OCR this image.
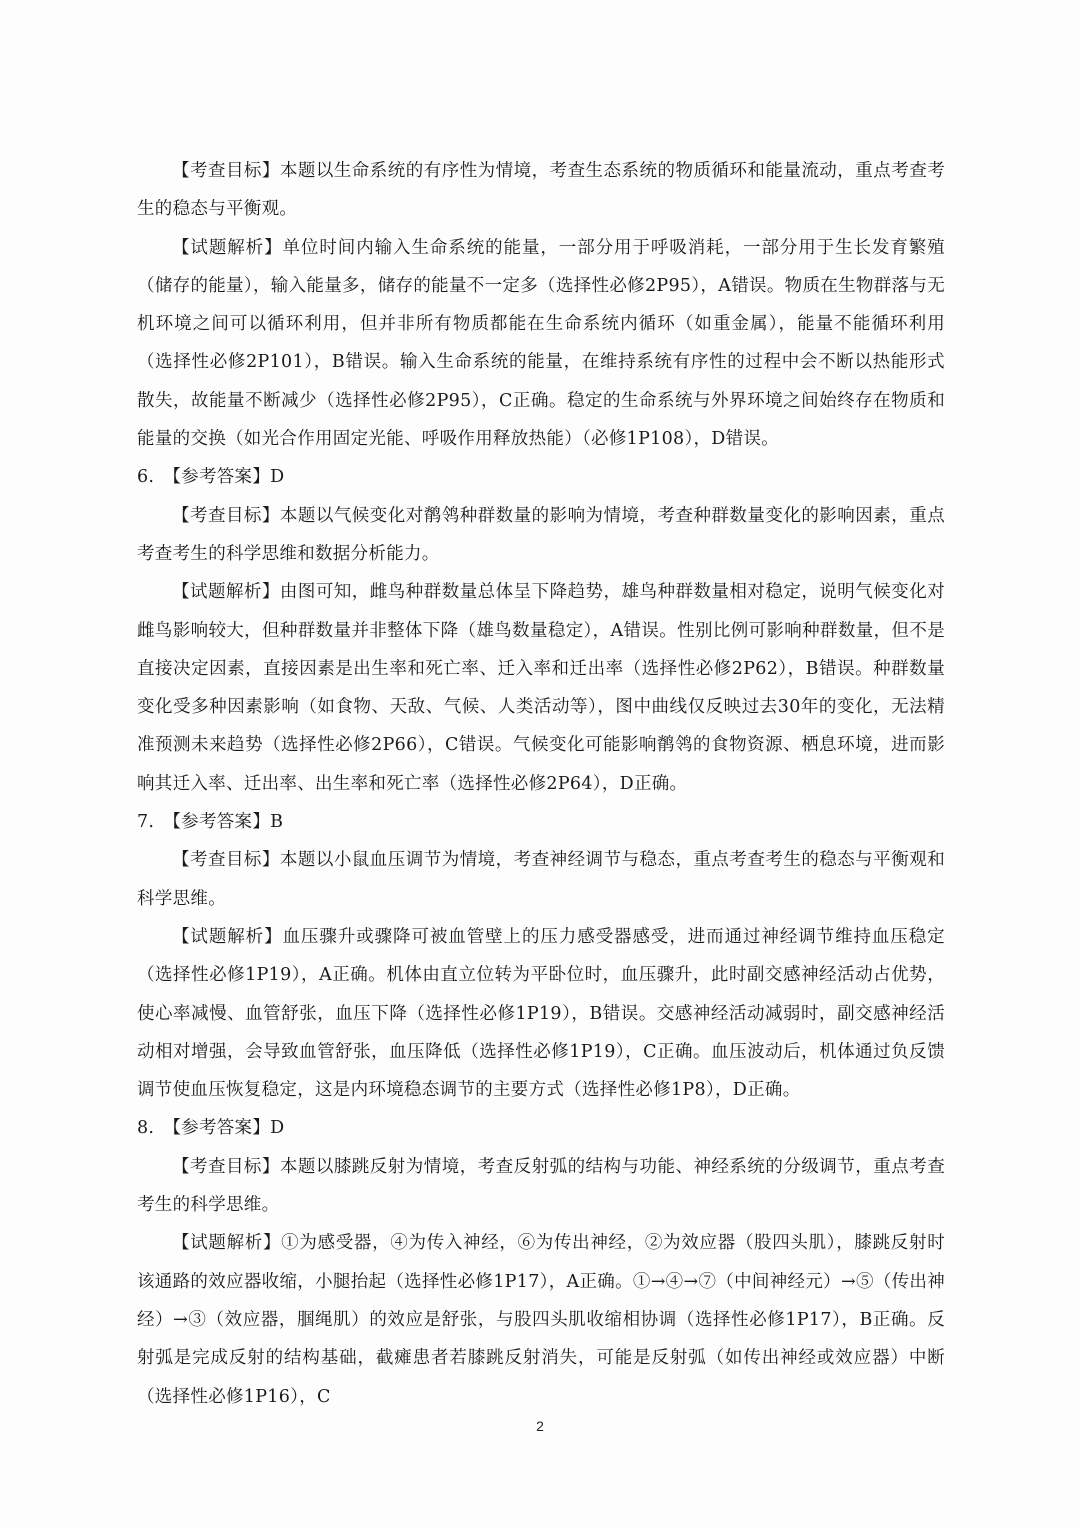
【考查目标】本题以生命系统的有序性为情境，考查生态系统的物质循环和能量流动，重点考查考生的稳态与平衡观。

【试题解析】单位时间内输入生命系统的能量，一部分用于呼吸消耗，一部分用于生长发育繁殖（储存的能量），输入能量多，储存的能量不一定多（选择性必修2P95），A错误。物质在生物群落与无机环境之间可以循环利用，但并非所有物质都能在生命系统内循环（如重金属），能量不能循环利用（选择性必修2P101），B错误。输入生命系统的能量，在维持系统有序性的过程中会不断以热能形式散失，故能量不断减少（选择性必修2P95），C正确。稳定的生命系统与外界环境之间始终存在物质和能量的交换（如光合作用固定光能、呼吸作用释放热能）（必修1P108），D错误。

6.　【参考答案】D

【考查目标】本题以气候变化对鹡鸰种群数量的影响为情境，考查种群数量变化的影响因素，重点考查考生的科学思维和数据分析能力。

【试题解析】由图可知，雌鸟种群数量总体呈下降趋势，雄鸟种群数量相对稳定，说明气候变化对雌鸟影响较大，但种群数量并非整体下降（雄鸟数量稳定），A错误。性别比例可影响种群数量，但不是直接决定因素，直接因素是出生率和死亡率、迁入率和迁出率（选择性必修2P62），B错误。种群数量变化受多种因素影响（如食物、天敌、气候、人类活动等），图中曲线仅反映过去30年的变化，无法精准预测未来趋势（选择性必修2P66），C错误。气候变化可能影响鹡鸰的食物资源、栖息环境，进而影响其迁入率、迁出率、出生率和死亡率（选择性必修2P64），D正确。

7.　【参考答案】B

【考查目标】本题以小鼠血压调节为情境，考查神经调节与稳态，重点考查考生的稳态与平衡观和科学思维。

【试题解析】血压骤升或骤降可被血管壁上的压力感受器感受，进而通过神经调节维持血压稳定（选择性必修1P19），A正确。机体由直立位转为平卧位时，血压骤升，此时副交感神经活动占优势，使心率减慢、血管舒张，血压下降（选择性必修1P19），B错误。交感神经活动减弱时，副交感神经活动相对增强，会导致血管舒张，血压降低（选择性必修1P19），C正确。血压波动后，机体通过负反馈调节使血压恢复稳定，这是内环境稳态调节的主要方式（选择性必修1P8），D正确。

8.　【参考答案】D

【考查目标】本题以膝跳反射为情境，考查反射弧的结构与功能、神经系统的分级调节，重点考查考生的科学思维。

【试题解析】①为感受器，④为传入神经，⑥为传出神经，②为效应器（股四头肌），膝跳反射时该通路的效应器收缩，小腿抬起（选择性必修1P17），A正确。①→④→⑦（中间神经元）→⑤（传出神经）→③（效应器，腘绳肌）的效应是舒张，与股四头肌收缩相协调（选择性必修1P17），B正确。反射弧是完成反射的结构基础，截瘫患者若膝跳反射消失，可能是反射弧（如传出神经或效应器）中断（选择性必修1P16），C

2
